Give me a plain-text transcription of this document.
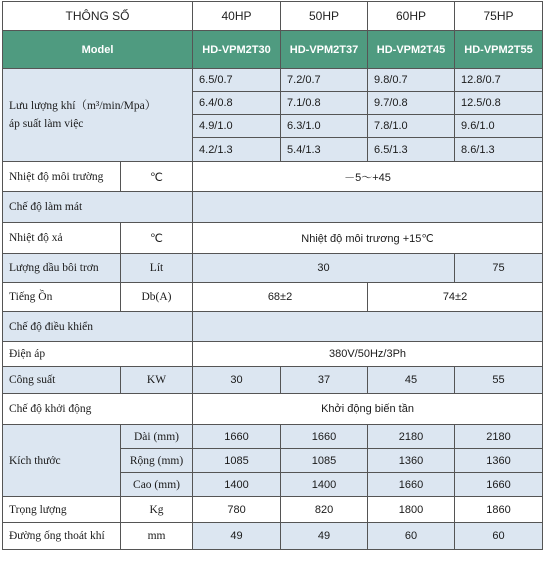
THÔNG SỐ		40HP	50HP	60HP	75HP
Model		HD-VPM2T30	HD-VPM2T37	HD-VPM2T45	HD-VPM2T55
Lưu lượng khí（m³/min/Mpa）
áp suất làm việc		6.5/0.7	7.2/0.7	9.8/0.7	12.8/0.7
		6.4/0.8	7.1/0.8	9.7/0.8	12.5/0.8
		4.9/1.0	6.3/1.0	7.8/1.0	9.6/1.0
		4.2/1.3	5.4/1.3	6.5/1.3	8.6/1.3
Nhiệt độ môi trường	℃	－5～+45			
Chế độ làm mát					
Nhiệt độ xả	℃	Nhiệt độ môi trương +15℃			
Lượng dầu bôi trơn	Lít	30			75
Tiếng Ồn	Db(A)	68±2		74±2	
Chế độ điều khiển					
Điện áp		380V/50Hz/3Ph			
Công suất	KW	30	37	45	55
Chế độ khởi động		Khởi động biến tần			
Kích thước	Dài (mm)	1660	1660	2180	2180
	Rộng (mm)	1085	1085	1360	1360
	Cao (mm)	1400	1400	1660	1660
Trọng lượng	Kg	780	820	1800	1860
Đường ống thoát khí	mm	49	49	60	60
